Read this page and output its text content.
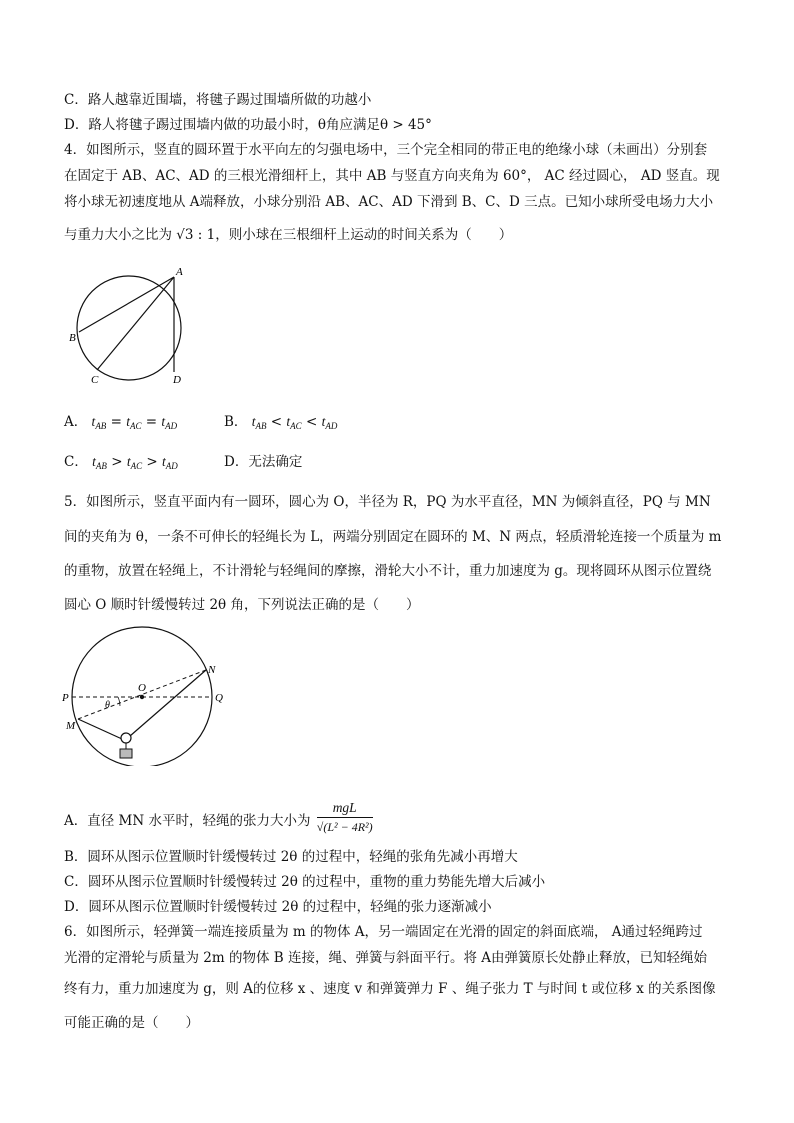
C．路人越靠近围墙，将毽子踢过围墙所做的功越小
D．路人将毽子踢过围墙内做的功最小时，θ角应满足θ > 45°
4．如图所示，竖直的圆环置于水平向左的匀强电场中，三个完全相同的带正电的绝缘小球（未画出）分别套
在固定于 AB、AC、AD 的三根光滑细杆上，其中 AB 与竖直方向夹角为 60°， AC 经过圆心， AD 竖直。现
将小球无初速度地从 A端释放，小球分别沿 AB、AC、AD 下滑到 B、C、D 三点。已知小球所受电场力大小
与重力大小之比为 √3 : 1，则小球在三根细杆上运动的时间关系为（　　）
A
B
C	D
A． $t_{AB} = t_{AC} = t_{AD}$	B． $t_{AB} < t_{AC} < t_{AD}$
C． $t_{AB} > t_{AC} > t_{AD}$	D．无法确定
5．如图所示，竖直平面内有一圆环，圆心为 O，半径为 R，PQ 为水平直径，MN 为倾斜直径，PQ 与 MN
间的夹角为 θ，一条不可伸长的轻绳长为 L，两端分别固定在圆环的 M、N 两点，轻质滑轮连接一个质量为 m
的重物，放置在轻绳上，不计滑轮与轻绳间的摩擦，滑轮大小不计，重力加速度为 g。现将圆环从图示位置绕
圆心 O 顺时针缓慢转过 2θ 角，下列说法正确的是（　　）
P	Q
O
N
M
θ
A．直径 MN 水平时，轻绳的张力大小为 $\frac{\text{mgL}}{\text{√(L² − 4R²)}}$
B．圆环从图示位置顺时针缓慢转过 2θ 的过程中，轻绳的张角先减小再增大
C．圆环从图示位置顺时针缓慢转过 2θ 的过程中，重物的重力势能先增大后减小
D．圆环从图示位置顺时针缓慢转过 2θ 的过程中，轻绳的张力逐渐减小
6．如图所示，轻弹簧一端连接质量为 m 的物体 A，另一端固定在光滑的固定的斜面底端， A通过轻绳跨过
光滑的定滑轮与质量为 2m 的物体 B 连接，绳、弹簧与斜面平行。将 A由弹簧原长处静止释放，已知轻绳始
终有力，重力加速度为 g，则 A的位移 x 、速度 v 和弹簧弹力 F 、绳子张力 T 与时间 t 或位移 x 的关系图像
可能正确的是（　　）
